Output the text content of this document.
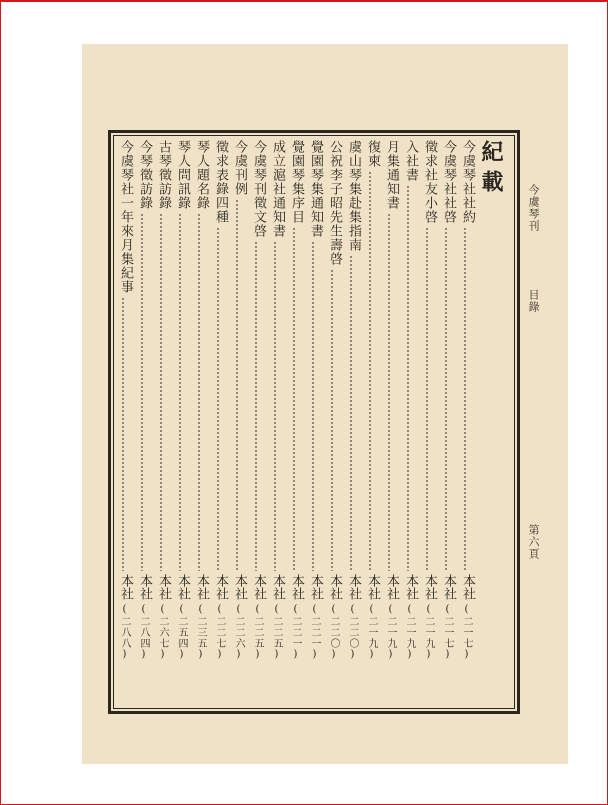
紀載
今虞琴社社約
本社
(二一七)
今虞琴社社啓
本社
(二一七)
徵求社友小啓
本社
(二一九)
入社書
本社
(二一九)
月集通知書
本社
(二一九)
復柬
本社
(二一九)
虞山琴集赴集指南
本社
(二二〇)
公祝李子昭先生壽啓
本社
(二二〇)
覺園琴集通知書
本社
(二二一)
覺園琴集序目
本社
(二二一)
成立滬社通知書
本社
(二二五)
今虞琴刊徵文啓
本社
(二二五)
今虞刊例
本社
(二二六)
徵求表錄四種
本社
(二二七)
琴人題名錄
本社
(二三五)
琴人問訊錄
本社
(二五四)
古琴徵訪錄
本社
(二六七)
今琴徵訪錄
本社
(二八四)
今虞琴社一年來月集紀事
本社
(二八八)
今虞琴刊
目錄
第六頁
